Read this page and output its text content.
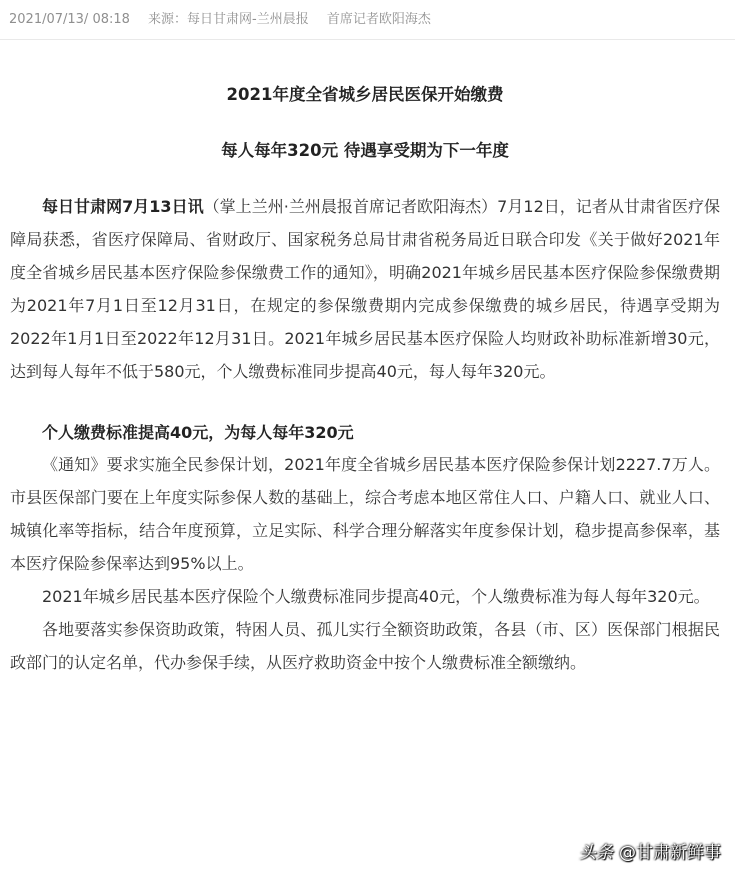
2021/07/13/ 08:18 来源：每日甘肃网-兰州晨报 首席记者欧阳海杰
2021年度全省城乡居民医保开始缴费
每人每年320元 待遇享受期为下一年度

每日甘肃网7月13日讯（掌上兰州·兰州晨报首席记者欧阳海杰）7月12日，记者从甘肃省医疗保障局获悉，省医疗保障局、省财政厅、国家税务总局甘肃省税务局近日联合印发《关于做好2021年度全省城乡居民基本医疗保险参保缴费工作的通知》，明确2021年城乡居民基本医疗保险参保缴费期为2021年7月1日至12月31日，在规定的参保缴费期内完成参保缴费的城乡居民，待遇享受期为2022年1月1日至2022年12月31日。2021年城乡居民基本医疗保险人均财政补助标准新增30元，达到每人每年不低于580元，个人缴费标准同步提高40元，每人每年320元。

个人缴费标准提高40元，为每人每年320元

《通知》要求实施全民参保计划，2021年度全省城乡居民基本医疗保险参保计划2227.7万人。市县医保部门要在上年度实际参保人数的基础上，综合考虑本地区常住人口、户籍人口、就业人口、城镇化率等指标，结合年度预算，立足实际、科学合理分解落实年度参保计划，稳步提高参保率，基本医疗保险参保率达到95%以上。

2021年城乡居民基本医疗保险个人缴费标准同步提高40元，个人缴费标准为每人每年320元。

各地要落实参保资助政策，特困人员、孤儿实行全额资助政策，各县（市、区）医保部门根据民政部门的认定名单，代办参保手续，从医疗救助资金中按个人缴费标准全额缴纳。

头条 @甘肃新鲜事
